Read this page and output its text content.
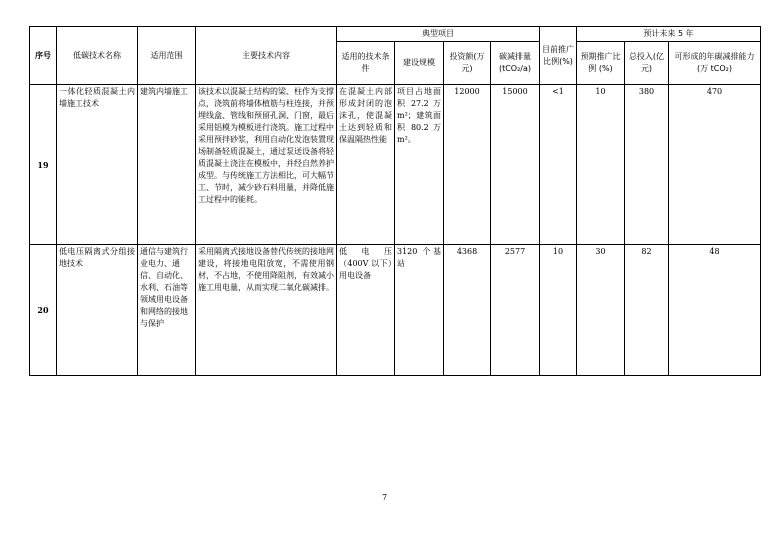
序号	低碳技术名称	适用范围	主要技术内容	典型项目				目前推广比例(%)	预计未来 5 年		
				适用的技术条件	建设规模	投资额(万元)	碳减排量(tCO₂/a)		预期推广比例 (%)	总投入(亿元)	可形成的年碳减排能力(万 tCO₂)
19	一体化轻质混凝土内墙施工技术	建筑内墙施工	该技术以混凝土结构的梁、柱作为支撑点，浇筑前将墙体植筋与柱连接，并预埋线盒、管线和预留孔洞、门窗，最后采用铝模为模板进行浇筑。施工过程中采用预拌砂浆，利用自动化发泡装置现场制备轻质混凝土，通过泵送设备将轻质混凝土浇注在模板中，并经自然养护成型。与传统施工方法相比，可大幅节工、节时，减少砂石料用量，并降低施工过程中的能耗。	在混凝土内部形成封闭的泡沫孔，使混凝土达到轻质和保温隔热性能	项目占地面积 27.2 万 m²；建筑面积 80.2 万 m²。	12000	15000	<1	10	380	470
20	低电压隔离式分组接地技术	通信与建筑行业电力、通信、自动化、水利、石油等领域用电设备和网络的接地与保护	采用隔离式接地设备替代传统的接地网建设，将接地电阻放宽，不需使用钢材，不占地，不使用降阻剂，有效减小施工用电量，从而实现二氧化碳减排。	低电压（400V 以下）用电设备	3120 个基站	4368	2577	10	30	82	48
7
